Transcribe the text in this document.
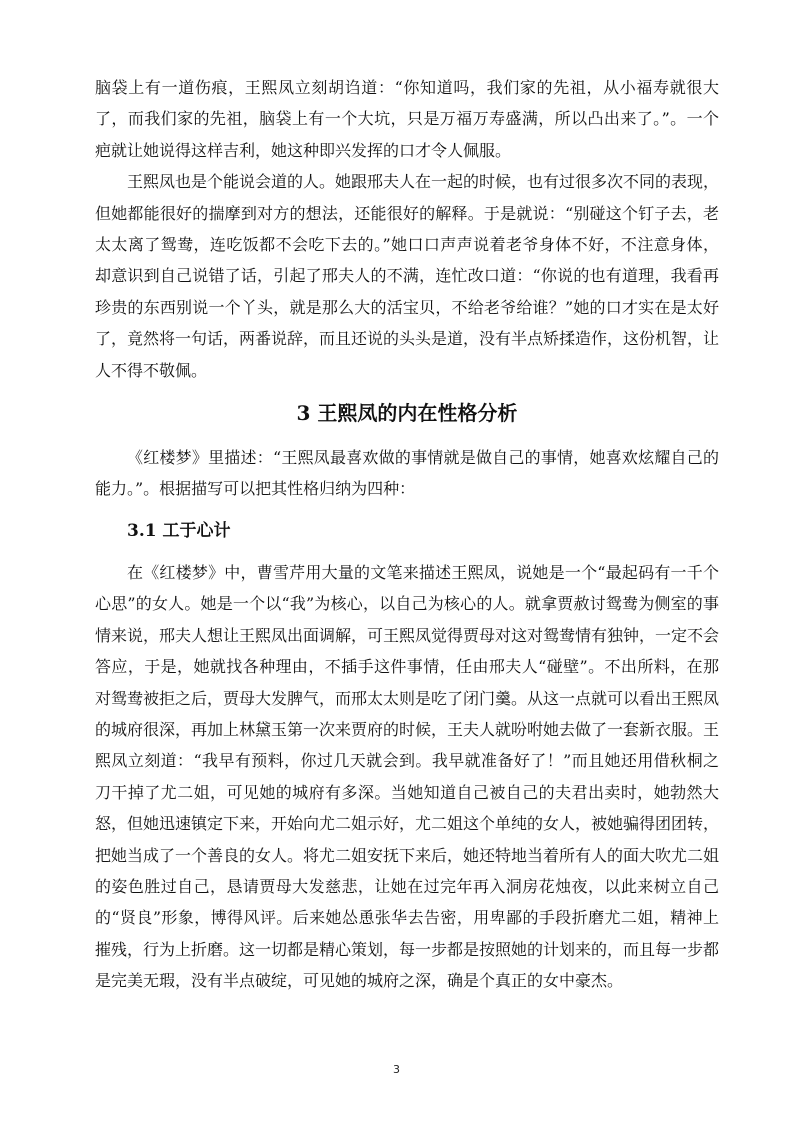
脑袋上有一道伤痕，王熙凤立刻胡诌道：“你知道吗，我们家的先祖，从小福寿就很大了，而我们家的先祖，脑袋上有一个大坑，只是万福万寿盛满，所以凸出来了。”。一个疤就让她说得这样吉利，她这种即兴发挥的口才令人佩服。

王熙凤也是个能说会道的人。她跟邢夫人在一起的时候，也有过很多次不同的表现，但她都能很好的揣摩到对方的想法，还能很好的解释。于是就说：“别碰这个钉子去，老太太离了鸳鸯，连吃饭都不会吃下去的。”她口口声声说着老爷身体不好，不注意身体，却意识到自己说错了话，引起了邢夫人的不满，连忙改口道：“你说的也有道理，我看再珍贵的东西别说一个丫头，就是那么大的活宝贝，不给老爷给谁？”她的口才实在是太好了，竟然将一句话，两番说辞，而且还说的头头是道，没有半点矫揉造作，这份机智，让人不得不敬佩。

3 王熙凤的内在性格分析

《红楼梦》里描述：“王熙凤最喜欢做的事情就是做自己的事情，她喜欢炫耀自己的能力。”。根据描写可以把其性格归纳为四种：

3.1 工于心计

在《红楼梦》中，曹雪芹用大量的文笔来描述王熙凤，说她是一个“最起码有一千个心思”的女人。她是一个以“我”为核心，以自己为核心的人。就拿贾赦讨鸳鸯为侧室的事情来说，邢夫人想让王熙凤出面调解，可王熙凤觉得贾母对这对鸳鸯情有独钟，一定不会答应，于是，她就找各种理由，不插手这件事情，任由邢夫人“碰壁”。不出所料，在那对鸳鸯被拒之后，贾母大发脾气，而邢太太则是吃了闭门羹。从这一点就可以看出王熙凤的城府很深，再加上林黛玉第一次来贾府的时候，王夫人就吩咐她去做了一套新衣服。王熙凤立刻道：“我早有预料，你过几天就会到。我早就准备好了！”而且她还用借秋桐之刀干掉了尤二姐，可见她的城府有多深。当她知道自己被自己的夫君出卖时，她勃然大怒，但她迅速镇定下来，开始向尤二姐示好，尤二姐这个单纯的女人，被她骗得团团转，把她当成了一个善良的女人。将尤二姐安抚下来后，她还特地当着所有人的面大吹尤二姐的姿色胜过自己，恳请贾母大发慈悲，让她在过完年再入洞房花烛夜，以此来树立自己的“贤良”形象，博得风评。后来她怂恿张华去告密，用卑鄙的手段折磨尤二姐，精神上摧残，行为上折磨。这一切都是精心策划，每一步都是按照她的计划来的，而且每一步都是完美无瑕，没有半点破绽，可见她的城府之深，确是个真正的女中豪杰。

3
